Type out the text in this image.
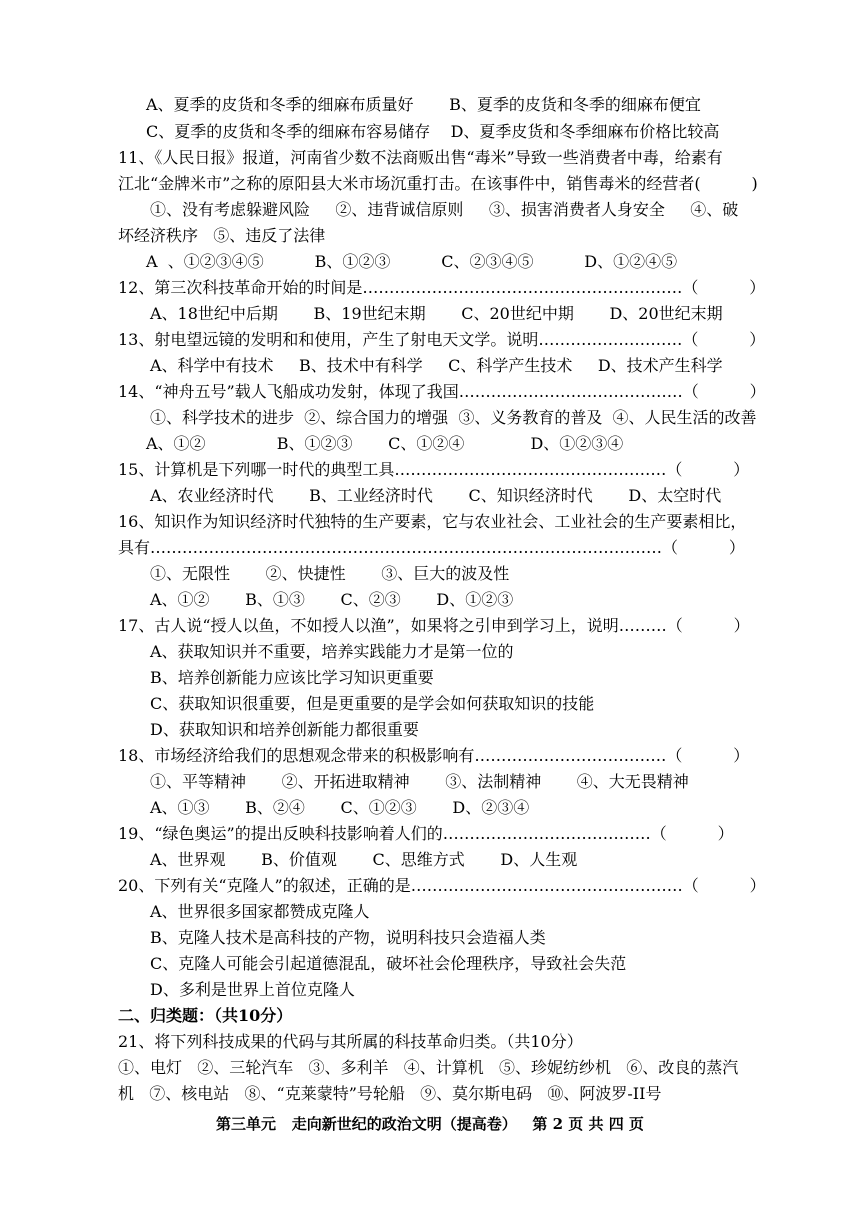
A、夏季的皮货和冬季的细麻布质量好       B、夏季的皮货和冬季的细麻布便宜
C、夏季的皮货和冬季的细麻布容易储存    D、夏季皮货和冬季细麻布价格比较高
11、《人民日报》报道，河南省少数不法商贩出售“毒米”导致一些消费者中毒，给素有
江北“金牌米市”之称的原阳县大米市场沉重打击。在该事件中，销售毒米的经营者(          )
①、没有考虑躲避风险     ②、违背诚信原则     ③、损害消费者人身安全     ④、破
坏经济秩序   ⑤、违反了法律
A  、①②③④⑤          B、①②③          C、②③④⑤          D、①②④⑤
12、第三次科技革命开始的时间是……………………………………………………（          ）
A、18世纪中后期       B、19世纪末期       C、20世纪中期       D、20世纪末期
13、射电望远镜的发明和和使用，产生了射电天文学。说明………………………（          ）
A、科学中有技术     B、技术中有科学     C、科学产生技术     D、技术产生科学
14、“神舟五号”载人飞船成功发射，体现了我国……………………………………（          ）
①、科学技术的进步  ②、综合国力的增强  ③、义务教育的普及  ④、人民生活的改善
A、①②              B、①②③       C、①②④             D、①②③④
15、计算机是下列哪一时代的典型工具……………………………………………（          ）
A、农业经济时代       B、工业经济时代       C、知识经济时代       D、太空时代
16、知识作为知识经济时代独特的生产要素，它与农业社会、工业社会的生产要素相比，
具有……………………………………………………………………………………（          ）
①、无限性       ②、快捷性       ③、巨大的波及性
A、①②       B、①③       C、②③       D、①②③
17、古人说“授人以鱼，不如授人以渔”，如果将之引申到学习上，说明………（          ）
A、获取知识并不重要，培养实践能力才是第一位的
B、培养创新能力应该比学习知识更重要
C、获取知识很重要，但是更重要的是学会如何获取知识的技能
D、获取知识和培养创新能力都很重要
18、市场经济给我们的思想观念带来的积极影响有………………………………（          ）
①、平等精神       ②、开拓进取精神       ③、法制精神       ④、大无畏精神
A、①③       B、②④       C、①②③       D、②③④
19、“绿色奥运”的提出反映科技影响着人们的…………………………………（          ）
A、世界观       B、价值观       C、思维方式       D、人生观
20、下列有关“克隆人”的叙述，正确的是……………………………………………（          ）
A、世界很多国家都赞成克隆人
B、克隆人技术是高科技的产物，说明科技只会造福人类
C、克隆人可能会引起道德混乱，破坏社会伦理秩序，导致社会失范
D、多利是世界上首位克隆人
二、归类题：（共10分）
21、将下列科技成果的代码与其所属的科技革命归类。（共10分）
①、电灯   ②、三轮汽车   ③、多利羊   ④、计算机   ⑤、珍妮纺纱机   ⑥、改良的蒸汽
机   ⑦、核电站   ⑧、“克莱蒙特”号轮船   ⑨、莫尔斯电码   ⑩、阿波罗-II号
第三单元   走向新世纪的政治文明（提高卷）   第 2 页 共 四 页
